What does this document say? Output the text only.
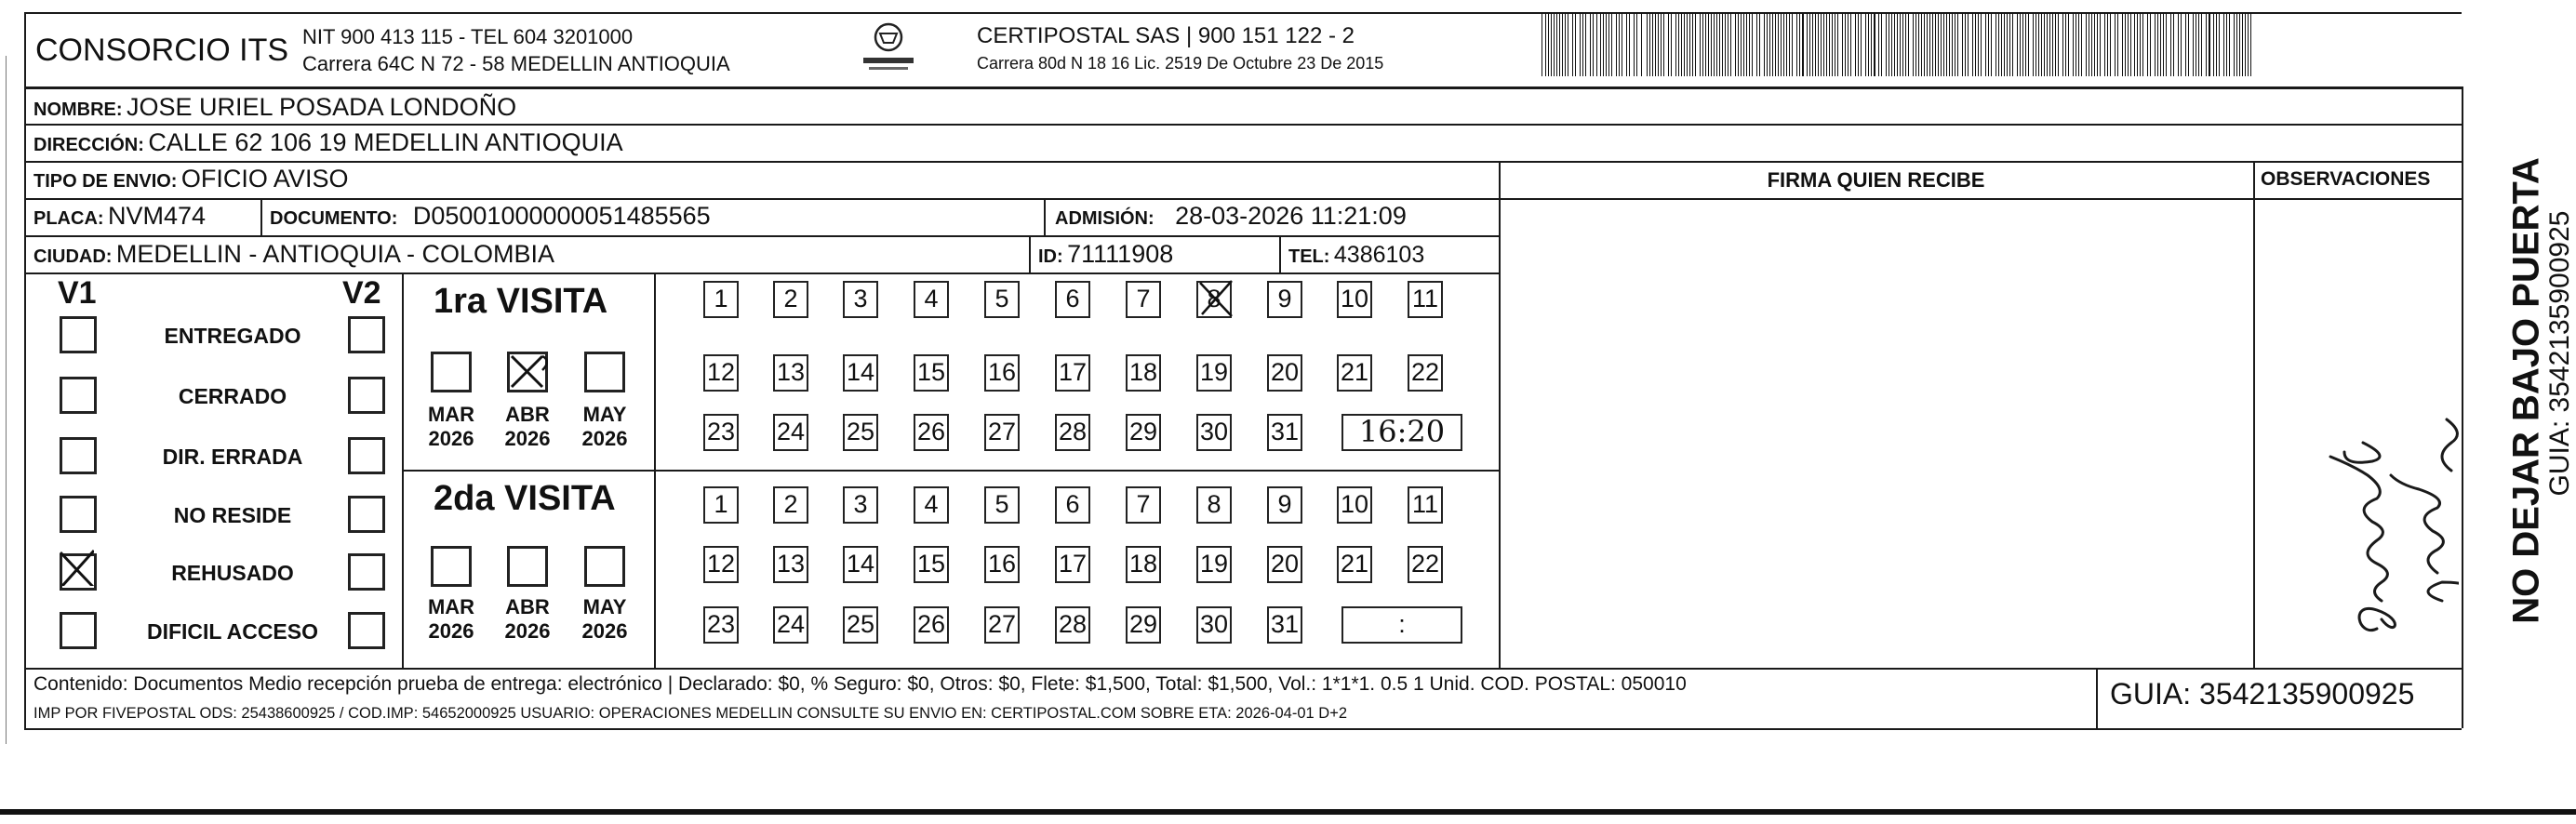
CONSORCIO ITS NIT 900 413 115 - TEL 604 3201000
Carrera 64C N 72 - 58 MEDELLIN ANTIOQUIA
CERTIPOSTAL SAS | 900 151 122 - 2
Carrera 80d N 18 16 Lic. 2519 De Octubre 23 De 2015
NOMBRE: JOSE URIEL POSADA LONDOÑO
DIRECCIÓN: CALLE 62 106 19 MEDELLIN ANTIOQUIA
TIPO DE ENVIO: OFICIO AVISO	FIRMA QUIEN RECIBE	OBSERVACIONES
PLACA: NVM474	DOCUMENTO: D05001000000051485565	ADMISIÓN: 28-03-2026 11:21:09
CIUDAD: MEDELLIN - ANTIOQUIA - COLOMBIA	ID: 71111908	TEL: 4386103
V1	V2
ENTREGADO
CERRADO
DIR. ERRADA
NO RESIDE
REHUSADO
DIFICIL ACCESO
1ra VISITA
2da VISITA
MAR
2026
ABR
2026
MAY
2026
1	2	3	4	5	6	7	8	9	10 11
12 13 14 15 16 17 18 19 20 21 22
23 24 25 26 27 28 29 30 31	16:20
MAR
2026
ABR
2026
MAY
2026
1	2	3	4	5	6	7	8	9	10 11
12 13 14 15 16 17 18 19 20 21 22
23 24 25 26 27 28 29 30 31	:
Contenido: Documentos Medio recepción prueba de entrega: electrónico | Declarado: $0, % Seguro: $0, Otros: $0, Flete: $1,500, Total: $1,500, Vol.: 1*1*1. 0.5 1 Unid. COD. POSTAL: 050010
IMP POR FIVEPOSTAL ODS: 25438600925 / COD.IMP: 54652000925 USUARIO: OPERACIONES MEDELLIN CONSULTE SU ENVIO EN: CERTIPOSTAL.COM SOBRE ETA: 2026-04-01 D+2
GUIA: 3542135900925
NO DEJAR BAJO PUERTA
GUIA: 3542135900925
